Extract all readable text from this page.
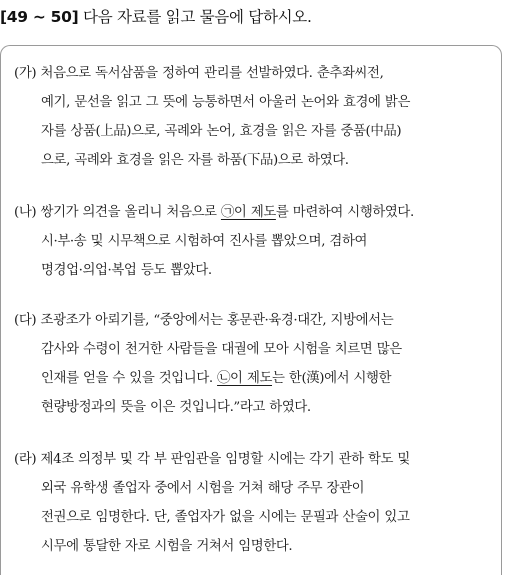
[49 ~ 50] 다음 자료를 읽고 물음에 답하시오.
(가) 처음으로 독서삼품을 정하여 관리를 선발하였다. 춘추좌씨전,
예기, 문선을 읽고 그 뜻에 능통하면서 아울러 논어와 효경에 밝은
자를 상품(上品)으로, 곡례와 논어, 효경을 읽은 자를 중품(中品)
으로, 곡례와 효경을 읽은 자를 하품(下品)으로 하였다.
(나) 쌍기가 의견을 올리니 처음으로 ㉠이 제도를 마련하여 시행하였다.
시·부·송 및 시무책으로 시험하여 진사를 뽑았으며, 겸하여
명경업·의업·복업 등도 뽑았다.
(다) 조광조가 아뢰기를, “중앙에서는 홍문관·육경·대간, 지방에서는
감사와 수령이 천거한 사람들을 대궐에 모아 시험을 치르면 많은
인재를 얻을 수 있을 것입니다. ㉡이 제도는 한(漢)에서 시행한
현량방정과의 뜻을 이은 것입니다.”라고 하였다.
(라) 제4조 의정부 및 각 부 판임관을 임명할 시에는 각기 관하 학도 및
외국 유학생 졸업자 중에서 시험을 거쳐 해당 주무 장관이
전권으로 임명한다. 단, 졸업자가 없을 시에는 문필과 산술이 있고
시무에 통달한 자로 시험을 거쳐서 임명한다.
